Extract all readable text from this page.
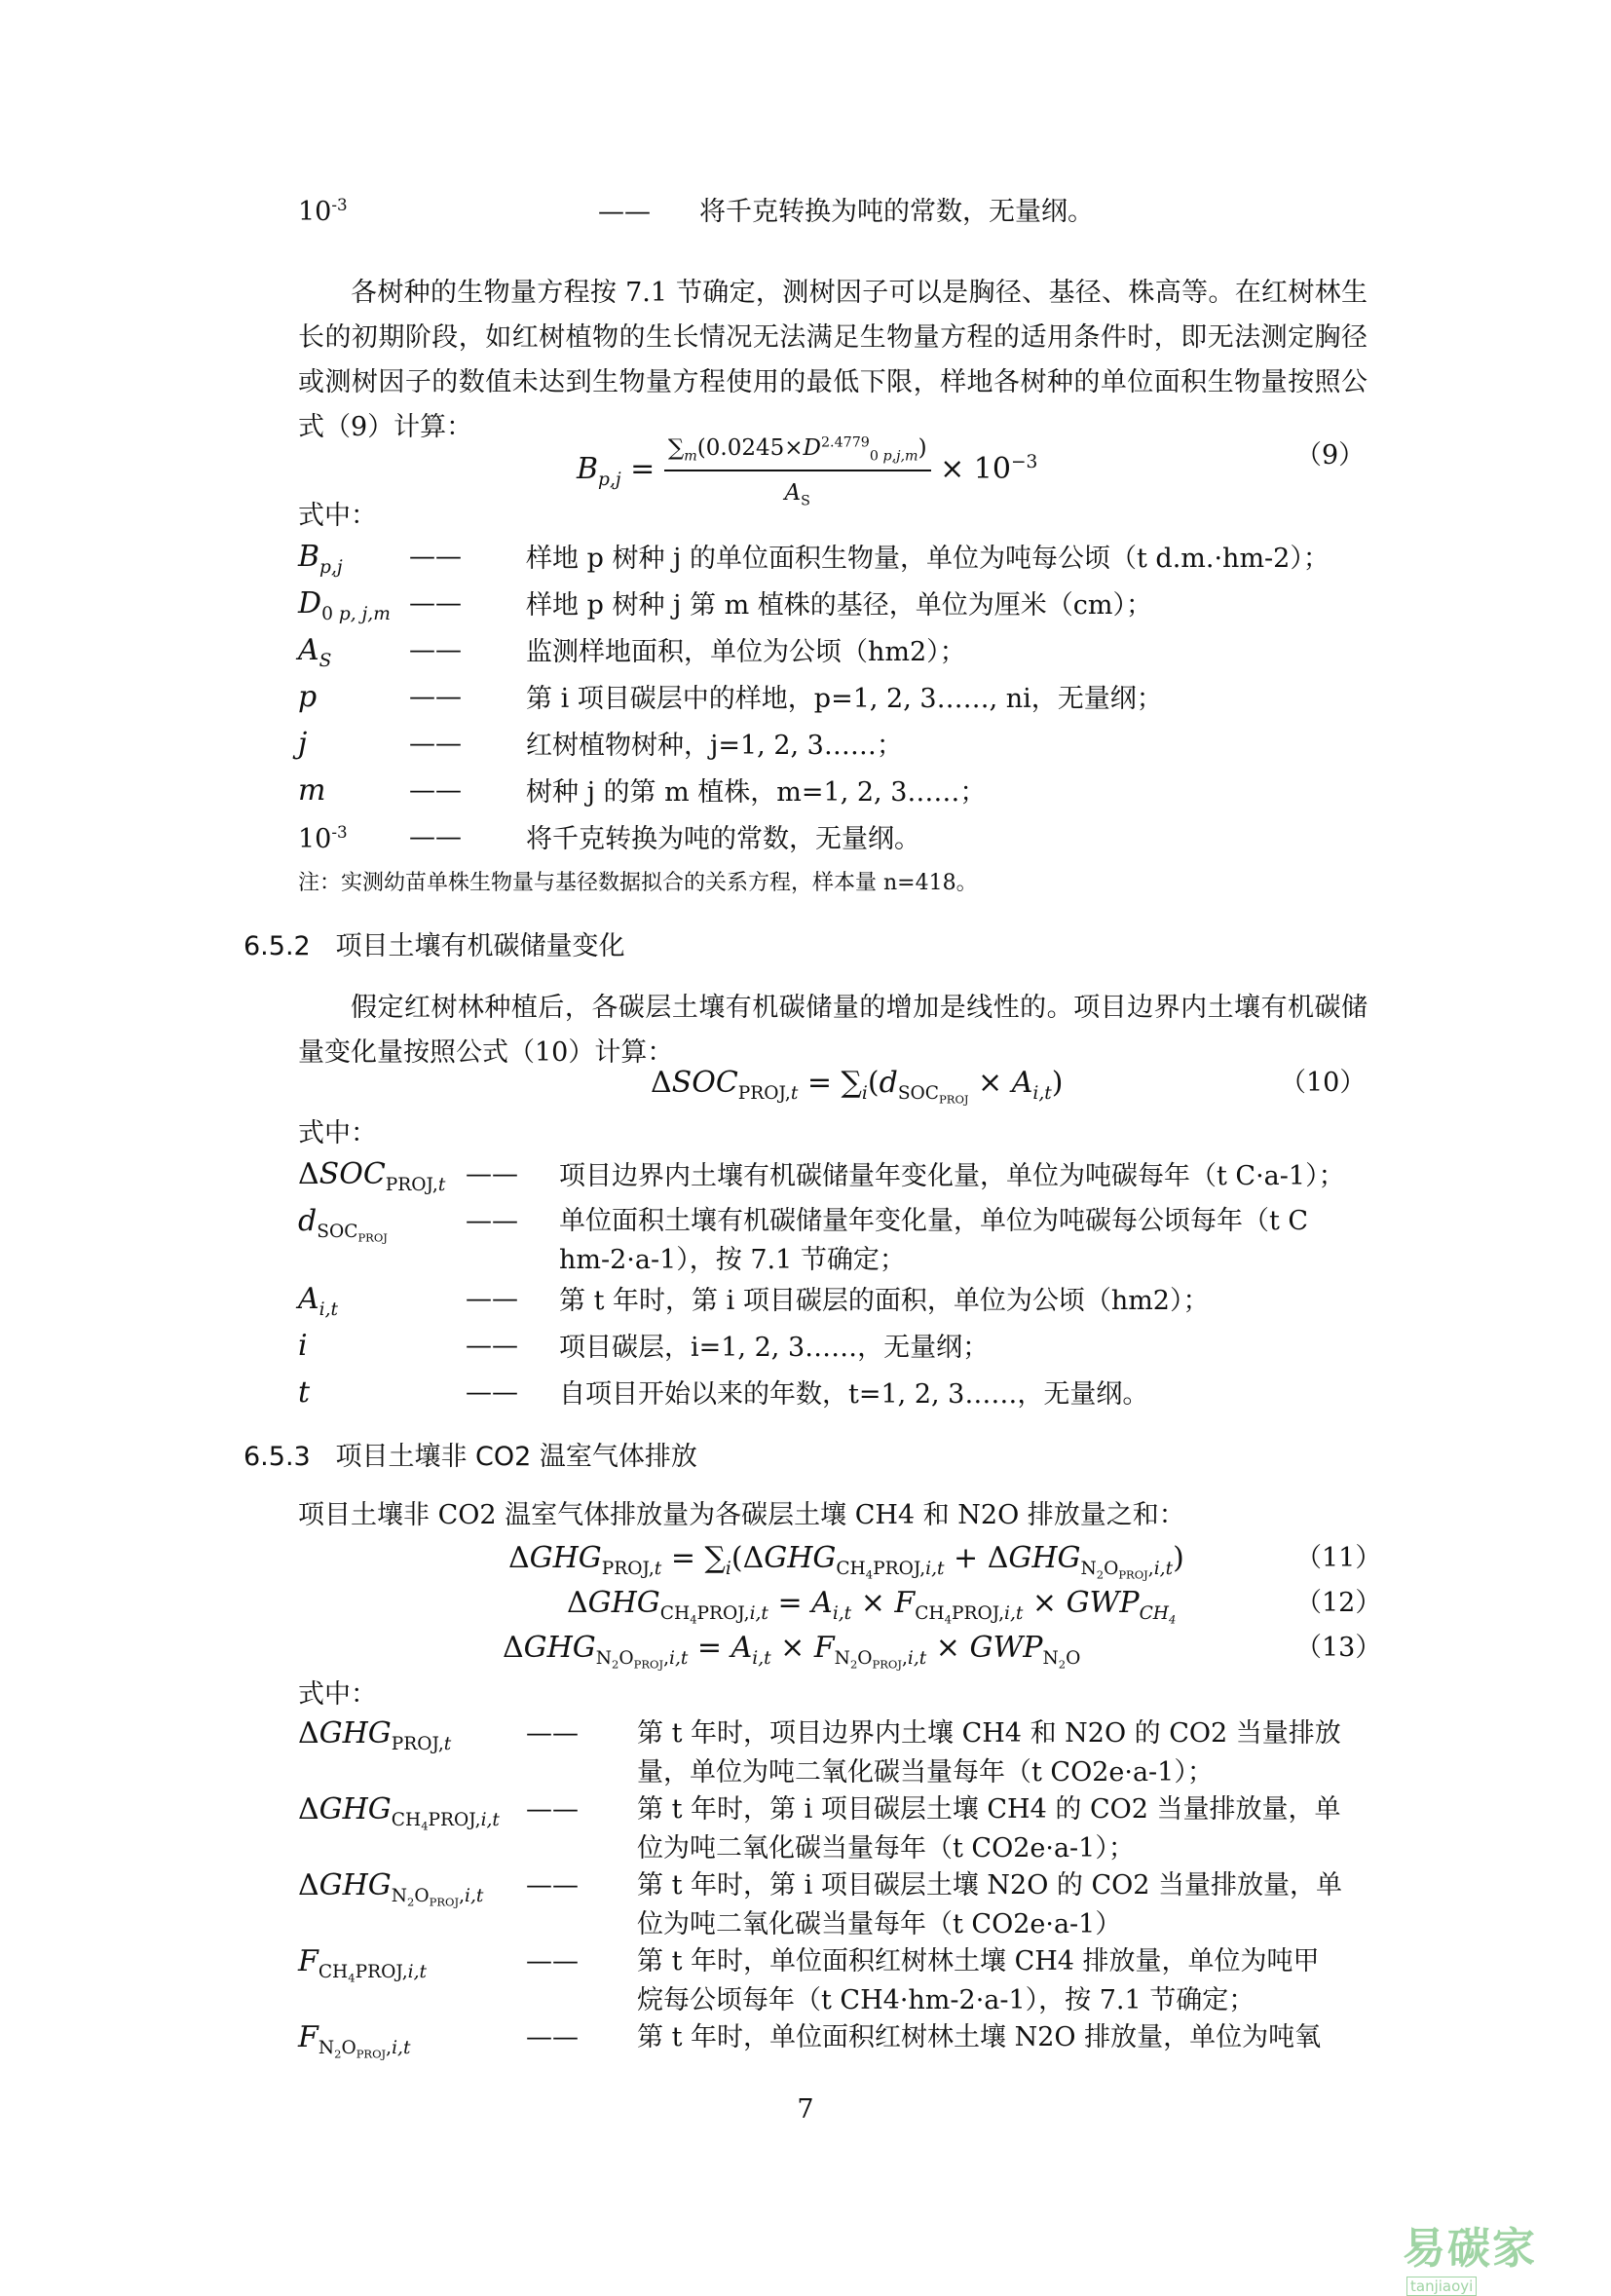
$10^{-3}$	—— 将千克转换为吨的常数，无量纲。
各树种的生物量方程按 7.1 节确定，测树因子可以是胸径、基径、株高等。在红树林生长的初期阶段，如红树植物的生长情况无法满足生物量方程的适用条件时，即无法测定胸径或测树因子的数值未达到生物量方程使用的最低下限，样地各树种的单位面积生物量按照公式（9）计算：
$B_{p,j} = \frac{\sum_m(0.0245\times D^{2.4779}_{0 p,j,m})}{A_S} \times 10^{-3}$	（9）
式中：
$B_{p,j}$	—— 样地 p 树种 j 的单位面积生物量，单位为吨每公顷（t d.m.·hm-2）；
$D_{0 p, j,m}$ —— 样地 p 树种 j 第 m 植株的基径，单位为厘米（cm）；
$A_S$	—— 监测样地面积，单位为公顷（hm2）；
p	—— 第 i 项目碳层中的样地，p=1, 2, 3……, ni，无量纲；
j	—— 红树植物树种，j=1, 2, 3……；
m	—— 树种 j 的第 m 植株，m=1, 2, 3……；
$10^{-3}$ —— 将千克转换为吨的常数，无量纲。
注：实测幼苗单株生物量与基径数据拟合的关系方程，样本量 n=418。
6.5.2 项目土壤有机碳储量变化
假定红树林种植后，各碳层土壤有机碳储量的增加是线性的。项目边界内土壤有机碳储量变化量按照公式（10）计算：
$\Delta SOC_{PROJ,t} = \sum_i(d_{SOC_{PROJ}} \times A_{i,t})$	（10）
式中：
$\Delta SOC_{PROJ,t}$ —— 项目边界内土壤有机碳储量年变化量，单位为吨碳每年（t C·a-1）；
$d_{SOC_{PROJ}}$
—— 单位面积土壤有机碳储量年变化量，单位为吨碳每公顷每年（t C hm-2·a-1），按 7.1 节确定；
$A_{i,t}$	—— 第 t 年时，第 i 项目碳层的面积，单位为公顷（hm2）；
i	—— 项目碳层，i=1, 2, 3……，无量纲；
t	—— 自项目开始以来的年数，t=1, 2, 3……，无量纲。
6.5.3 项目土壤非 CO2 温室气体排放
项目土壤非 CO2 温室气体排放量为各碳层土壤 CH4 和 N2O 排放量之和：
$\Delta GHG_{PROJ,t} = \sum_i(\Delta GHG_{CH_4PROJ,i,t} + \Delta GHG_{N_2O_{PROJ},i,t})$	（11）
$\Delta GHG_{CH_4PROJ,i,t} = A_{i,t} \times F_{CH_4PROJ,i,t} \times GWP_{CH_4}$
（12）
$\Delta GHG_{N_2O_{PROJ},i,t} = A_{i,t} \times F_{N_2O_{PROJ},i,t} \times GWP_{N_2O}$	（13）
式中：
$\Delta GHG_{PROJ,t}$	—— 第 t 年时，项目边界内土壤 CH4 和 N2O 的 CO2 当量排放量，单位为吨二氧化碳当量每年（t CO2e·a-1）；
$\Delta GHG_{CH_4PROJ,i,t}$ —— 第 t 年时，第 i 项目碳层土壤 CH4 的 CO2 当量排放量，单位为吨二氧化碳当量每年（t CO2e·a-1）；
$\Delta GHG_{N_2O_{PROJ},i,t}$ —— 第 t 年时，第 i 项目碳层土壤 N2O 的 CO2 当量排放量，单位为吨二氧化碳当量每年（t CO2e·a-1）
$F_{CH_4PROJ,i,t}$	—— 第 t 年时，单位面积红树林土壤 CH4 排放量，单位为吨甲烷每公顷每年（t CH4·hm-2·a-1），按 7.1 节确定；
$F_{N_2O_{PROJ},i,t}$	—— 第 t 年时，单位面积红树林土壤 N2O 排放量，单位为吨氧
7
易碳家tanjiaoyi
